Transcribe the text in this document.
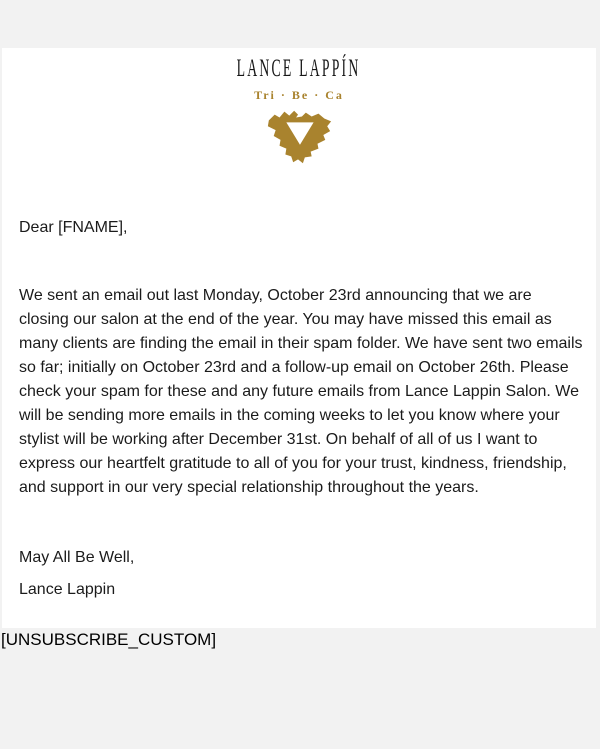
LANCE LAPPÍN
Tri · Be · Ca
Dear [FNAME],
We sent an email out last Monday, October 23rd announcing that we are
closing our salon at the end of the year. You may have missed this email as
many clients are finding the email in their spam folder. We have sent two emails
so far; initially on October 23rd and a follow-up email on October 26th. Please
check your spam for these and any future emails from Lance Lappin Salon. We
will be sending more emails in the coming weeks to let you know where your
stylist will be working after December 31st. On behalf of all of us I want to
express our heartfelt gratitude to all of you for your trust, kindness, friendship,
and support in our very special relationship throughout the years.
May All Be Well,
Lance Lappin
[UNSUBSCRIBE_CUSTOM]
